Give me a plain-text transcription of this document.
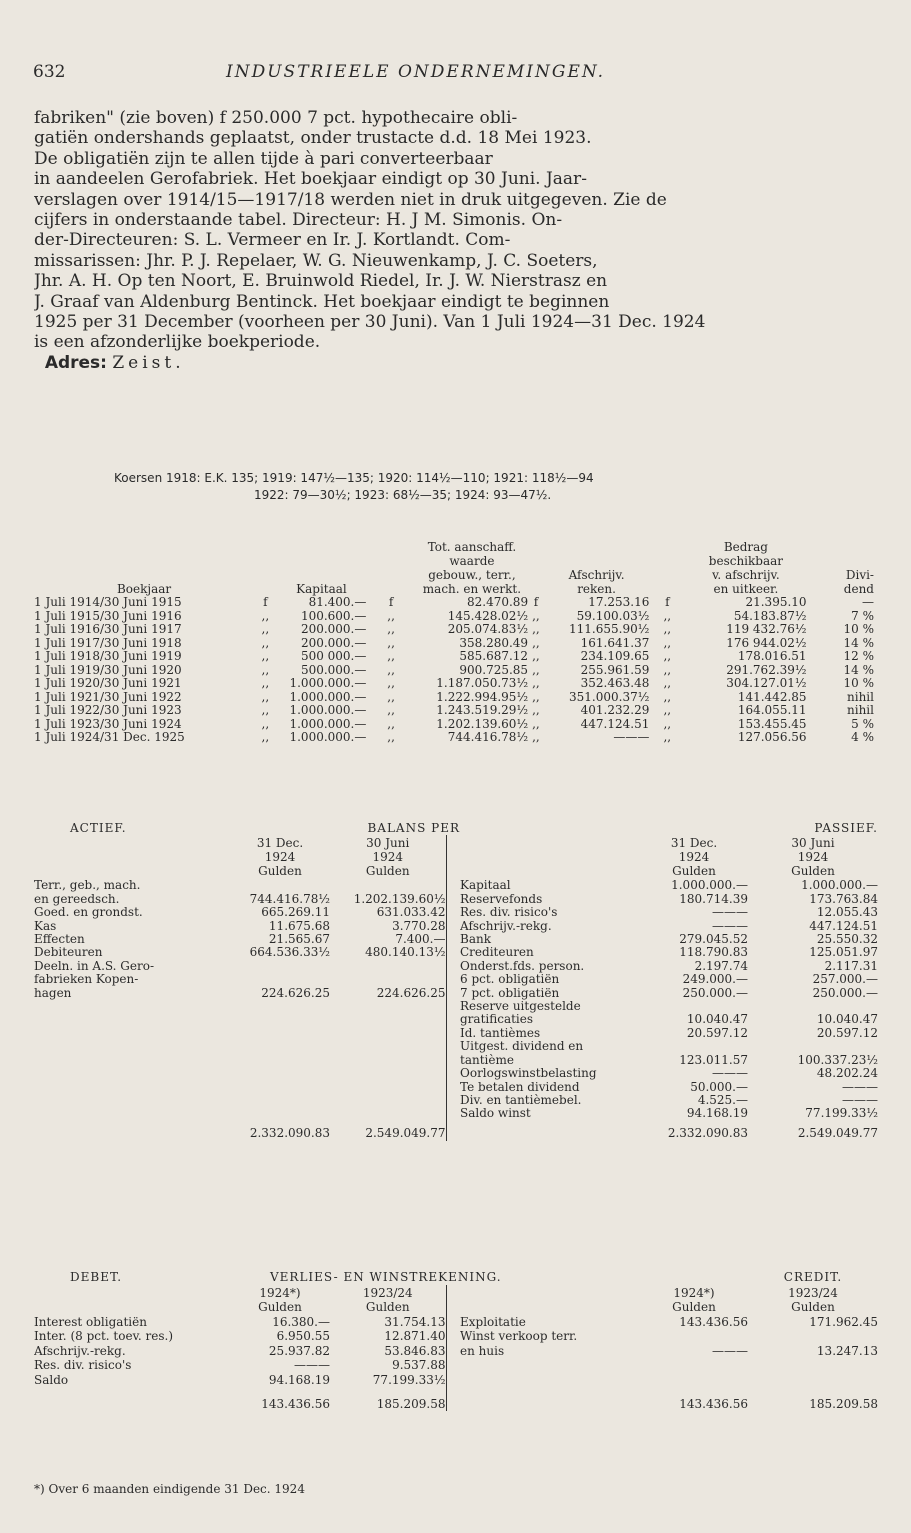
632	INDUSTRIEELE ONDERNEMINGEN.
fabriken" (zie boven) f 250.000 7 pct. hypothecaire obli-
gatiën ondershands geplaatst, onder trustacte d.d. 18 Mei 1923.
De obligatiën zijn te allen tijde à pari converteerbaar
in aandeelen Gerofabriek. Het boekjaar eindigt op 30 Juni. Jaar-
verslagen over 1914/15—1917/18 werden niet in druk uitgegeven. Zie de
cijfers in onderstaande tabel. Directeur: H. J M. Simonis. On-
der-Directeuren: S. L. Vermeer en Ir. J. Kortlandt. Com-
missarissen: Jhr. P. J. Repelaer, W. G. Nieuwenkamp, J. C. Soeters,
Jhr. A. H. Op ten Noort, E. Bruinwold Riedel, Ir. J. W. Nierstrasz en
J. Graaf van Aldenburg Bentinck. Het boekjaar eindigt te beginnen
1925 per 31 December (voorheen per 30 Juni). Van 1 Juli 1924—31 Dec. 1924
is een afzonderlijke boekperiode.
Adres: Zeist.
Koersen 1918: E.K. 135; 1919: 147½—135; 1920: 114½—110; 1921: 118½—94
1922: 79—30½; 1923: 68½—35; 1924: 93—47½.

Boekjaar		Kapitaal		Tot. aanschaff.
waarde
gebouw., terr.,
mach. en werkt.		Afschrijv.
reken.		Bedrag
beschikbaar
v. afschrijv.
en uitkeer.	Divi-
dend
1 Juli 1914/30 Juni 1915	f	81.400.—	f	82.470.89	f	17.253.16	f	21.395.10	—
1 Juli 1915/30 Juni 1916	,,	100.600.—	,,	145.428.02½	,,	59.100.03½	,,	54.183.87½	7 %
1 Juli 1916/30 Juni 1917	,,	200.000.—	,,	205.074.83½	,,	111.655.90½	,,	119 432.76½	10 %
1 Juli 1917/30 Juni 1918	,,	200.000.—	,,	358.280.49	,,	161.641.37	,,	176 944.02½	14 %
1 Juli 1918/30 Juni 1919	,,	500 000.—	,,	585.687.12	,,	234.109.65	,,	178.016.51	12 %
1 Juli 1919/30 Juni 1920	,,	500.000.—	,,	900.725.85	,,	255.961.59	,,	291.762.39½	14 %
1 Juli 1920/30 Juni 1921	,,	1.000.000.—	,,	1.187.050.73½	,,	352.463.48	,,	304.127.01½	10 %
1 Juli 1921/30 Juni 1922	,,	1.000.000.—	,,	1.222.994.95½	,,	351.000.37½	,,	141.442.85	nihil
1 Juli 1922/30 Juni 1923	,,	1.000.000.—	,,	1.243.519.29½	,,	401.232.29	,,	164.055.11	nihil
1 Juli 1923/30 Juni 1924	,,	1.000.000.—	,,	1.202.139.60½	,,	447.124.51	,,	153.455.45	5 %
1 Juli 1924/31 Dec. 1925	,,	1.000.000.—	,,	744.416.78½	,,	———	,,	127.056.56	4 %
ACTIEF.		BALANS PER				PASSIEF.
	31 Dec.
1924
Gulden	30 Juni
1924
Gulden			31 Dec.
1924
Gulden	30 Juni
1924
Gulden
Terr., geb., mach.				Kapitaal	1.000.000.—	1.000.000.—
en gereedsch.	744.416.78½	1.202.139.60½		Reservefonds	180.714.39	173.763.84
Goed. en grondst.	665.269.11	631.033.42		Res. div. risico's	———	12.055.43
Kas	11.675.68	3.770.28		Afschrijv.-rekg.	———	447.124.51
Effecten	21.565.67	7.400.—		Bank	279.045.52	25.550.32
Debiteuren	664.536.33½	480.140.13½		Crediteuren	118.790.83	125.051.97
Deeln. in A.S. Gero-				Onderst.fds. person.	2.197.74	2.117.31
fabrieken Kopen-				6 pct. obligatiën	249.000.—	257.000.—
hagen	224.626.25	224.626.25		7 pct. obligatiën	250.000.—	250.000.—
				Reserve uitgestelde		
				gratificaties	10.040.47	10.040.47
				Id. tantièmes	20.597.12	20.597.12
				Uitgest. dividend en		
				tantième	123.011.57	100.337.23½
				Oorlogswinstbelasting	———	48.202.24
				Te betalen dividend	50.000.—	———
				Div. en tantièmebel.	4.525.—	———
				Saldo winst	94.168.19	77.199.33½
	2.332.090.83	2.549.049.77			2.332.090.83	2.549.049.77
DEBET.	VERLIES- EN WINSTREKENING.					CREDIT.
	1924*)
Gulden	1923/24
Gulden			1924*)
Gulden	1923/24
Gulden
Interest obligatiën	16.380.—	31.754.13		Exploitatie	143.436.56	171.962.45
Inter. (8 pct. toev. res.)	6.950.55	12.871.40		Winst verkoop terr.		
Afschrijv.-rekg.	25.937.82	53.846.83		en huis	———	13.247.13
Res. div. risico's	———	9.537.88				
Saldo	94.168.19	77.199.33½				
	143.436.56	185.209.58			143.436.56	185.209.58
*) Over 6 maanden eindigende 31 Dec. 1924
